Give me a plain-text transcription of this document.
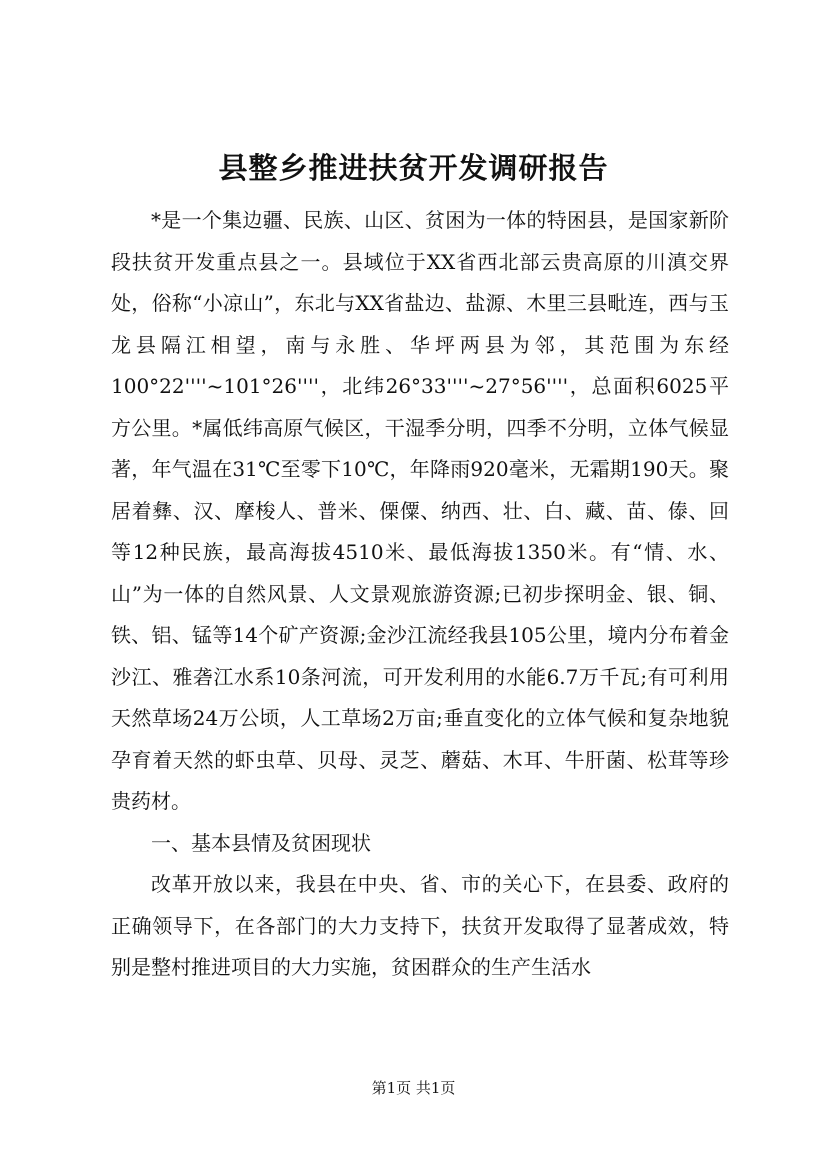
县整乡推进扶贫开发调研报告

*是一个集边疆、民族、山区、贫困为一体的特困县，是国家新阶段扶贫开发重点县之一。县域位于XX省西北部云贵高原的川滇交界处，俗称“小凉山”，东北与XX省盐边、盐源、木里三县毗连，西与玉龙县隔江相望，南与永胜、华坪两县为邻，其范围为东经 100°22''''~101°26''''，北纬26°33''''~27°56''''，总面积6025平方公里。*属低纬高原气候区，干湿季分明，四季不分明，立体气候显著，年气温在31℃至零下10℃，年降雨920毫米，无霜期190天。聚居着彝、汉、摩梭人、普米、傈僳、纳西、壮、白、藏、苗、傣、回等12种民族，最高海拔4510米、最低海拔1350米。有“情、水、山”为一体的自然风景、人文景观旅游资源;已初步探明金、银、铜、铁、铝、锰等14个矿产资源;金沙江流经我县105公里，境内分布着金沙江、雅砻江水系10条河流，可开发利用的水能6.7万千瓦;有可利用天然草场24万公顷，人工草场2万亩;垂直变化的立体气候和复杂地貌孕育着天然的虾虫草、贝母、灵芝、蘑菇、木耳、牛肝菌、松茸等珍贵药材。

一、基本县情及贫困现状

改革开放以来，我县在中央、省、市的关心下，在县委、政府的正确领导下，在各部门的大力支持下，扶贫开发取得了显著成效，特别是整村推进项目的大力实施，贫困群众的生产生活水

第1页 共1页
